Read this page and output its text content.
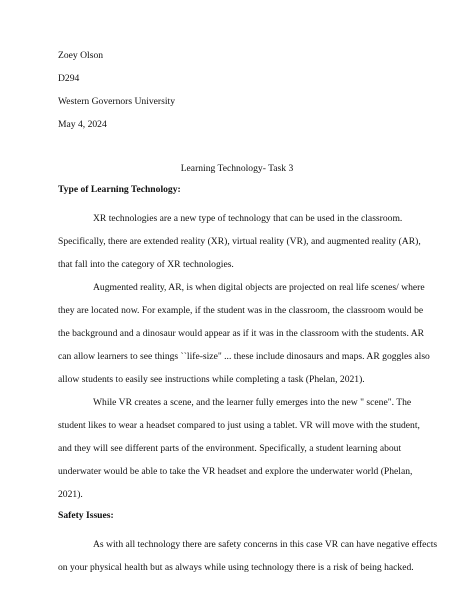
Zoey Olson
D294
Western Governors University
May 4, 2024
Learning Technology- Task 3
Type of Learning Technology:

XR technologies are a new type of technology that can be used in the classroom.
Specifically, there are extended reality (XR), virtual reality (VR), and augmented reality (AR),
that fall into the category of XR technologies.

Augmented reality, AR, is when digital objects are projected on real life scenes/ where
they are located now. For example, if the student was in the classroom, the classroom would be
the background and a dinosaur would appear as if it was in the classroom with the students. AR
can allow learners to see things ``life-size" ... these include dinosaurs and maps. AR goggles also
allow students to easily see instructions while completing a task (Phelan, 2021).

While VR creates a scene, and the learner fully emerges into the new " scene". The
student likes to wear a headset compared to just using a tablet. VR will move with the student,
and they will see different parts of the environment. Specifically, a student learning about
underwater would be able to take the VR headset and explore the underwater world (Phelan,
2021).

Safety Issues:

As with all technology there are safety concerns in this case VR can have negative effects
on your physical health but as always while using technology there is a risk of being hacked.
